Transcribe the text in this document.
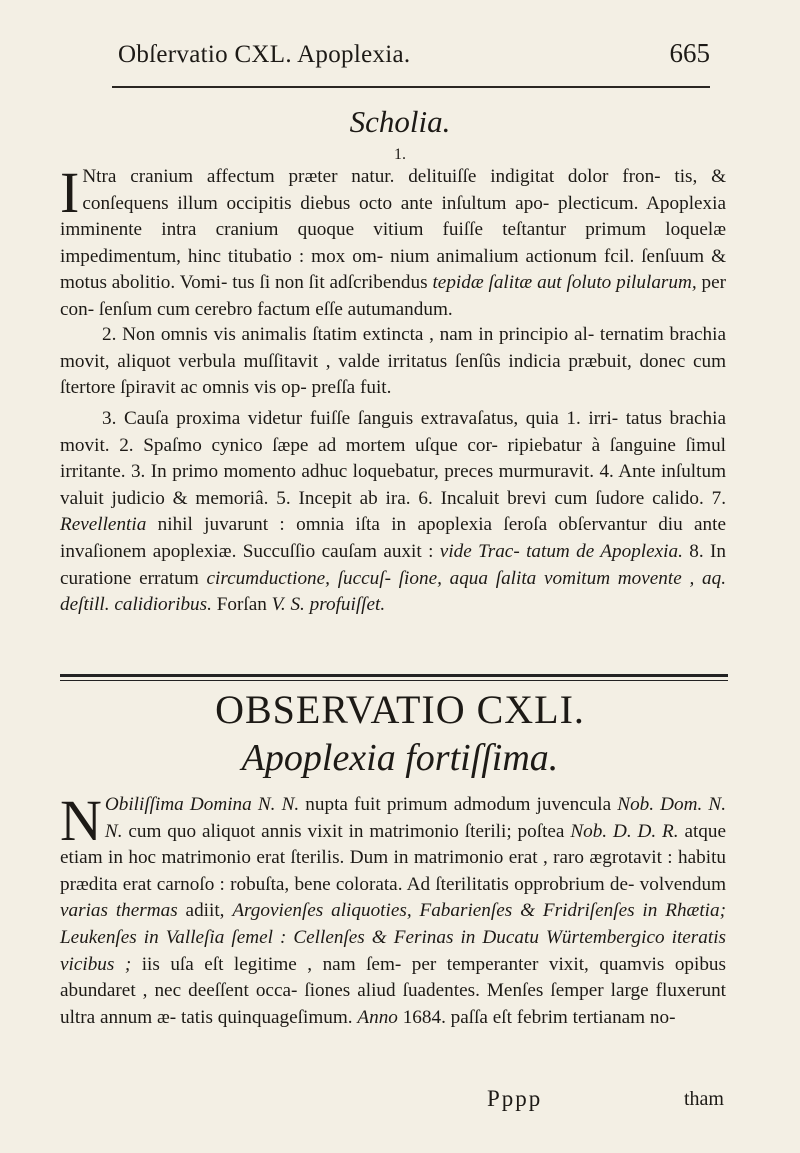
Obſervatio CXL. Apoplexia.	665
Scholia.
1.
I Ntra cranium affectum præter natur. delituiſſe indigitat dolor fron- tis, & conſequens illum occipitis diebus octo ante inſultum apo- plecticum. Apoplexia imminente intra cranium quoque vitium fuiſſe teſtantur primum loquelæ impedimentum, hinc titubatio : mox om- nium animalium actionum fcil. ſenſuum & motus abolitio. Vomi- tus ſi non ſit adſcribendus tepidæ ſalitæ aut ſoluto pilularum, per con- ſenſum cum cerebro factum eſſe autumandum.
2. Non omnis vis animalis ſtatim extincta , nam in principio al- ternatim brachia movit, aliquot verbula muſſitavit , valde irritatus ſenſûs indicia præbuit, donec cum ſtertore ſpiravit ac omnis vis op- preſſa fuit.
3. Cauſa proxima videtur fuiſſe ſanguis extravaſatus, quia 1. irri- tatus brachia movit. 2. Spaſmo cynico ſæpe ad mortem uſque cor- ripiebatur à ſanguine ſimul irritante. 3. In primo momento adhuc loquebatur, preces murmuravit. 4. Ante inſultum valuit judicio & memoriâ. 5. Incepit ab ira. 6. Incaluit brevi cum ſudore calido. 7. Revellentia nihil juvarunt : omnia iſta in apoplexia ſeroſa obſervantur diu ante invaſionem apoplexiæ. Succuſſio cauſam auxit : vide Trac- tatum de Apoplexia. 8. In curatione erratum circumductione, ſuccuſ- ſione, aqua ſalita vomitum movente , aq. deſtill. calidioribus. Forſan V. S. profuiſſet.
OBSERVATIO CXLI.
Apoplexia fortiſſima.
N Obiliſſima Domina N. N. nupta fuit primum admodum juvencula Nob. Dom. N. N. cum quo aliquot annis vixit in matrimonio ſterili; poſtea Nob. D. D. R. atque etiam in hoc matrimonio erat ſterilis. Dum in matrimonio erat , raro ægrotavit : habitu prædita erat carnoſo : robuſta, bene colorata. Ad ſterilitatis opprobrium de- volvendum varias thermas adiit, Argovienſes aliquoties, Fabarienſes & Fridriſenſes in Rhætia; Leukenſes in Valleſia ſemel : Cellenſes & Ferinas in Ducatu Würtembergico iteratis vicibus ; iis uſa eſt legitime , nam ſem- per temperanter vixit, quamvis opibus abundaret , nec deeſſent occa- ſiones aliud ſuadentes. Menſes ſemper large fluxerunt ultra annum æ- tatis quinquageſimum. Anno 1684. paſſa eſt febrim tertianam no-
Pppp	tham
